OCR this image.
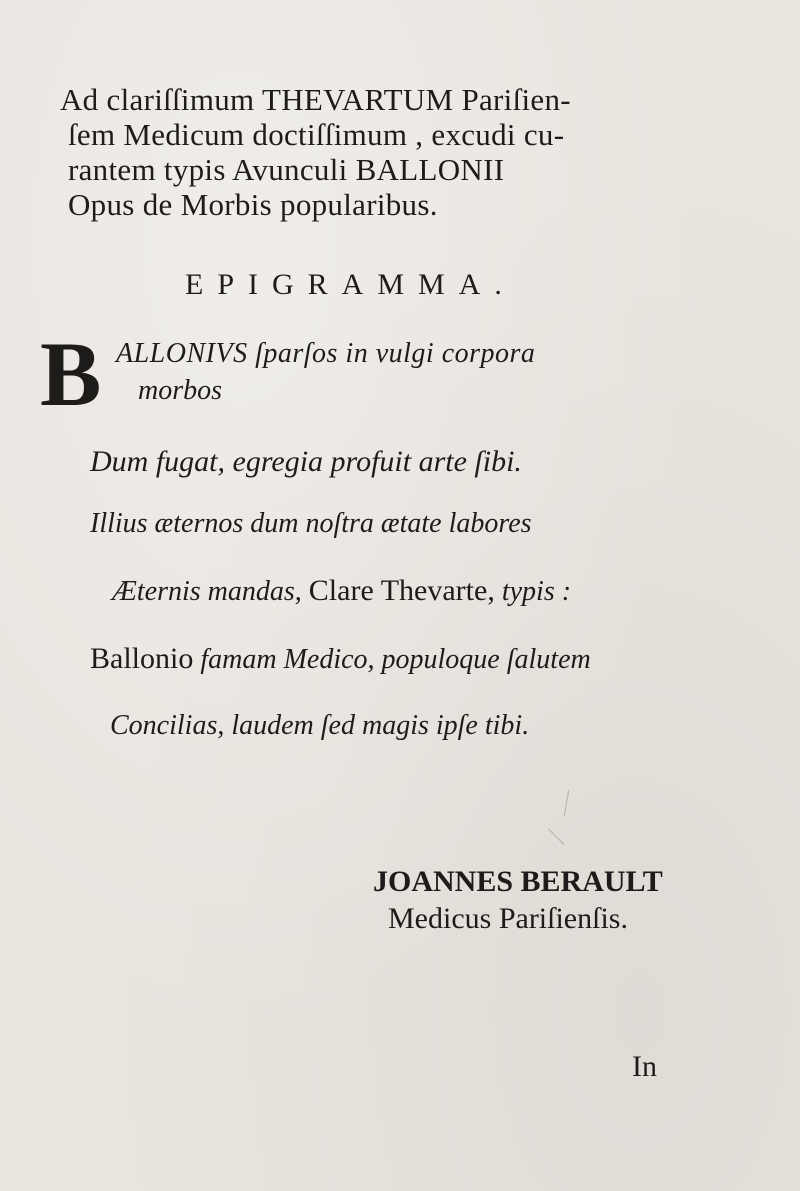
Ad clariſſimum THEVARTUM Pariſien-
ſem Medicum doctiſſimum , excudi cu-
rantem typis Avunculi BALLONII
Opus de Morbis popularibus.
EPIGRAMMA.
B ALLONIVS ſparſos in vulgi corpora
morbos
Dum fugat, egregia profuit arte ſibi.
Illius æternos dum noſtra ætate labores
Æternis mandas, Clare Thevarte, typis :
Ballonio famam Medico, populoque ſalutem
Concilias, laudem ſed magis ipſe tibi.
JOANNES BERAULT
Medicus Pariſienſis.
In
